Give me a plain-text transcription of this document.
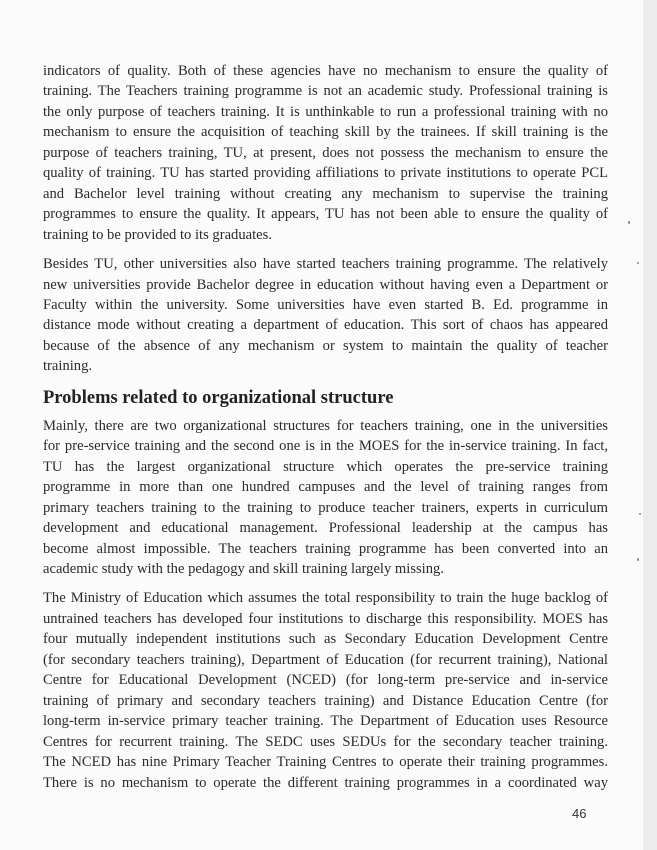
indicators of quality. Both of these agencies have no mechanism to ensure the quality of
training. The Teachers training programme is not an academic study. Professional training is
the only purpose of teachers training. It is unthinkable to run a professional training with no
mechanism to ensure the acquisition of teaching skill by the trainees. If skill training is the
purpose of teachers training, TU, at present, does not possess the mechanism to ensure the
quality of training. TU has started providing affiliations to private institutions to operate PCL
and Bachelor level training without creating any mechanism to supervise the training
programmes to ensure the quality. It appears, TU has not been able to ensure the quality of
training to be provided to its graduates.

Besides TU, other universities also have started teachers training programme. The relatively
new universities provide Bachelor degree in education without having even a Department or
Faculty within the university. Some universities have even started B. Ed. programme in
distance mode without creating a department of education. This sort of chaos has appeared
because of the absence of any mechanism or system to maintain the quality of teacher
training.

Problems related to organizational structure

Mainly, there are two organizational structures for teachers training, one in the universities
for pre-service training and the second one is in the MOES for the in-service training. In fact,
TU has the largest organizational structure which operates the pre-service training
programme in more than one hundred campuses and the level of training ranges from
primary teachers training to the training to produce teacher trainers, experts in curriculum
development and educational management. Professional leadership at the campus has
become almost impossible. The teachers training programme has been converted into an
academic study with the pedagogy and skill training largely missing.

The Ministry of Education which assumes the total responsibility to train the huge backlog of
untrained teachers has developed four institutions to discharge this responsibility. MOES has
four mutually independent institutions such as Secondary Education Development Centre
(for secondary teachers training), Department of Education (for recurrent training), National
Centre for Educational Development (NCED) (for long-term pre-service and in-service
training of primary and secondary teachers training) and Distance Education Centre (for
long-term in-service primary teacher training. The Department of Education uses Resource
Centres for recurrent training. The SEDC uses SEDUs for the secondary teacher training.
The NCED has nine Primary Teacher Training Centres to operate their training programmes.
There is no mechanism to operate the different training programmes in a coordinated way

46
